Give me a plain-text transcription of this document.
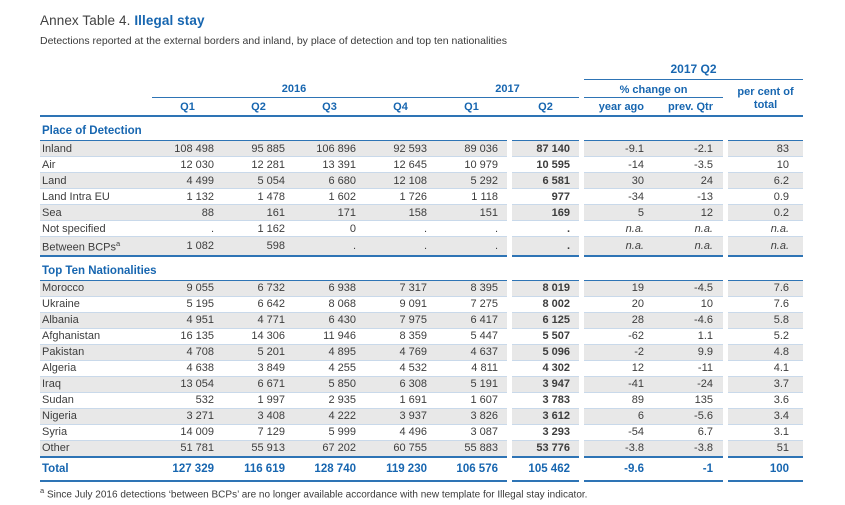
Annex Table 4. Illegal stay
Detections reported at the external borders and inland, by place of detection and top ten nationalities
									2017 Q2			
	2016				2017				% change on			per cent of total
	Q1	Q2	Q3	Q4	Q1		Q2		year ago	prev. Qtr		
Place of Detection												
Inland	108 498	95 885	106 896	92 593	89 036		87 140		-9.1	-2.1		83
Air	12 030	12 281	13 391	12 645	10 979		10 595		-14	-3.5		10
Land	4 499	5 054	6 680	12 108	5 292		6 581		30	24		6.2
Land Intra EU	1 132	1 478	1 602	1 726	1 118		977		-34	-13		0.9
Sea	88	161	171	158	151		169		5	12		0.2
Not specified	.	1 162	0	.	.		.		n.a.	n.a.		n.a.
Between BCPs$^a$	1 082	598	.	.	.		.		n.a.	n.a.		n.a.
Top Ten Nationalities												
Morocco	9 055	6 732	6 938	7 317	8 395		8 019		19	-4.5		7.6
Ukraine	5 195	6 642	8 068	9 091	7 275		8 002		20	10		7.6
Albania	4 951	4 771	6 430	7 975	6 417		6 125		28	-4.6		5.8
Afghanistan	16 135	14 306	11 946	8 359	5 447		5 507		-62	1.1		5.2
Pakistan	4 708	5 201	4 895	4 769	4 637		5 096		-2	9.9		4.8
Algeria	4 638	3 849	4 255	4 532	4 811		4 302		12	-11		4.1
Iraq	13 054	6 671	5 850	6 308	5 191		3 947		-41	-24		3.7
Sudan	532	1 997	2 935	1 691	1 607		3 783		89	135		3.6
Nigeria	3 271	3 408	4 222	3 937	3 826		3 612		6	-5.6		3.4
Syria	14 009	7 129	5 999	4 496	3 087		3 293		-54	6.7		3.1
Other	51 781	55 913	67 202	60 755	55 883		53 776		-3.8	-3.8		51
Total	127 329	116 619	128 740	119 230	106 576		105 462		-9.6	-1		100
$^a$ Since July 2016 detections ‘between BCPs’ are no longer available accordance with new template for Illegal stay indicator.
